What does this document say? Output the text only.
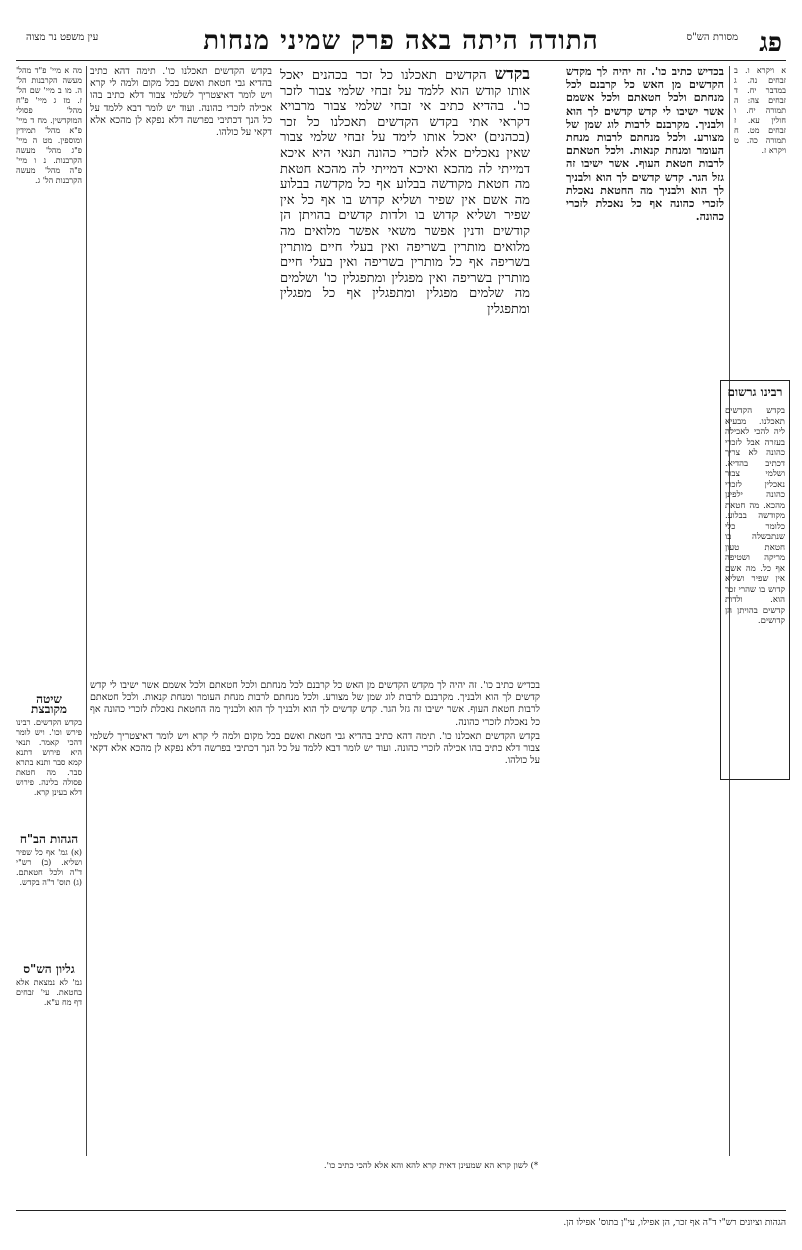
פג
מסורת הש"ס
התודה היתה באה פרק שמיני מנחות
עין משפט נר מצוה

א ויקרא ו. ב זבחים נה. ג במדבר יח. ד זבחים צה: ה תמורה יח. ו חולין עא. ז זבחים מט. ח תמורה כה. ט ויקרא ז.

בכדיש כתיב כו'. זה יהיה לך מקדש הקדשים מן האש כל קרבנם לכל מנחתם ולכל חטאתם ולכל אשמם אשר ישיבו לי קדש קדשים לך הוא ולבניך. מקרבנם לרבות לוג שמן של מצורע. ולכל מנחתם לרבות מנחת העומר ומנחת קנאות. ולכל חטאתם לרבות חטאת העוף. אשר ישיבו זה גזל הגר. קדש קדשים לך הוא ולבניך לך הוא ולבניך מה החטאת נאכלת לזכרי כהונה אף כל נאכלת לזכרי כהונה.

רבינו גרשום
בקדש הקדשים תאכלנו. מבעיא ליה להכי לאכילה בעזרה אבל לזכרי כהונה לא צריך דכתיב בהדיא. ושלמי צבור נאכלין לזכרי כהונה ילפינן מהכא. מה חטאת מקודשה בבלוע. כלומר כלי שנתבשלה בו חטאת טעון מריקה ושטיפה אף כל. מה אשם אין שפיר ושליא קדוש בו שהרי זכר הוא. ולדות קדשים בהויתן הן קדושים.

בקדש הקדשים תאכלנו כל זכר בכהנים יאכל אותו קודש הוא ללמד על זבחי שלמי צבור לזכר כו'. בהדיא כתיב אי זבחי שלמי צבור מרבויא דקראי אתי בקדש הקדשים תאכלנו כל זכר (בכהנים) יאכל אותו לימד על זבחי שלמי צבור שאין נאכלים אלא לזכרי כהונה תנאי היא איכא דמייתי לה מהכא ואיכא דמייתי לה מהכא חטאת מה חטאת מקודשה בבלוע אף כל מקדשה בבלוע מה אשם אין שפיר ושליא קדוש בו אף כל אין שפיר ושליא קדוש בו ולדות קדשים בהויתן הן קודשים ודנין אפשר משאי אפשר מלואים מה מלואים מותרין בשריפה ואין בעלי חיים מותרין בשריפה אף כל מותרין בשריפה ואין בעלי חיים מותרין בשריפה ואין מפגלין ומתפגלין כו' ושלמים מה שלמים מפגלין ומתפגלין אף כל מפגלין ומתפגלין

בקדש הקדשים תאכלנו כו'. תימה דהא כתיב בהדיא גבי חטאת ואשם בכל מקום ולמה לי קרא ויש לומר דאיצטריך לשלמי צבור דלא כתיב בהו אכילה לזכרי כהונה. ועוד יש לומר דבא ללמד על כל הנך דכתיבי בפרשה דלא נפקא לן מהכא אלא דקאי על כולהו.

בכדיש כתיב כו'. זה יהיה לך מקדש הקדשים מן האש כל קרבנם לכל מנחתם ולכל חטאתם ולכל אשמם אשר ישיבו לי קדש קדשים לך הוא ולבניך. מקרבנם לרבות לוג שמן של מצורע. ולכל מנחתם לרבות מנחת העומר ומנחת קנאות. ולכל חטאתם לרבות חטאת העוף. אשר ישיבו זה גזל הגר. קדש קדשים לך הוא ולבניך לך הוא ולבניך מה החטאת נאכלת לזכרי כהונה אף כל נאכלת לזכרי כהונה.

בקדש הקדשים תאכלנו כו'. תימה דהא כתיב בהדיא גבי חטאת ואשם בכל מקום ולמה לי קרא ויש לומר דאיצטריך לשלמי צבור דלא כתיב בהו אכילה לזכרי כהונה. ועוד יש לומר דבא ללמד על כל הנך דכתיבי בפרשה דלא נפקא לן מהכא אלא דקאי על כולהו.

מה א מיי' פ"ד מהל' מעשה הקרבנות הל' ה. מו ב מיי' שם הל' ז. מז ג מיי' פ"ח מהל' פסולי המוקדשין. מח ד מיי' פ"א מהל' תמידין ומוספין. מט ה מיי' פ"ג מהל' מעשה הקרבנות. נ ו מיי' פ"ה מהל' מעשה הקרבנות הל' ג.

שיטה מקובצת

בקדש הקדשים. רבינו פירש וכו'. ויש לומר דהכי קאמר. תנאי היא פירוש דתנא קמא סבר ותנא בתרא סבר. מה חטאת פסולה בלינה. פירוש דלא בעינן קרא.

הגהות הב"ח

(א) גמ' אף כל שפיר ושליא. (ב) רש"י ד"ה ולכל חטאתם. (ג) תוס' ד"ה בקדש.

גליון הש"ס

גמ' לא נמצאת אלא בחטאת. עי' זבחים דף מח ע"א.

*) לשון קרא הא שמעינן דאית קרא להא והא אלא להכי כתיב כו'.
הגהות וציונים רש"י ד"ה אף זכר, הן אפילו, עי"ן בתוס' אפילו הן.
